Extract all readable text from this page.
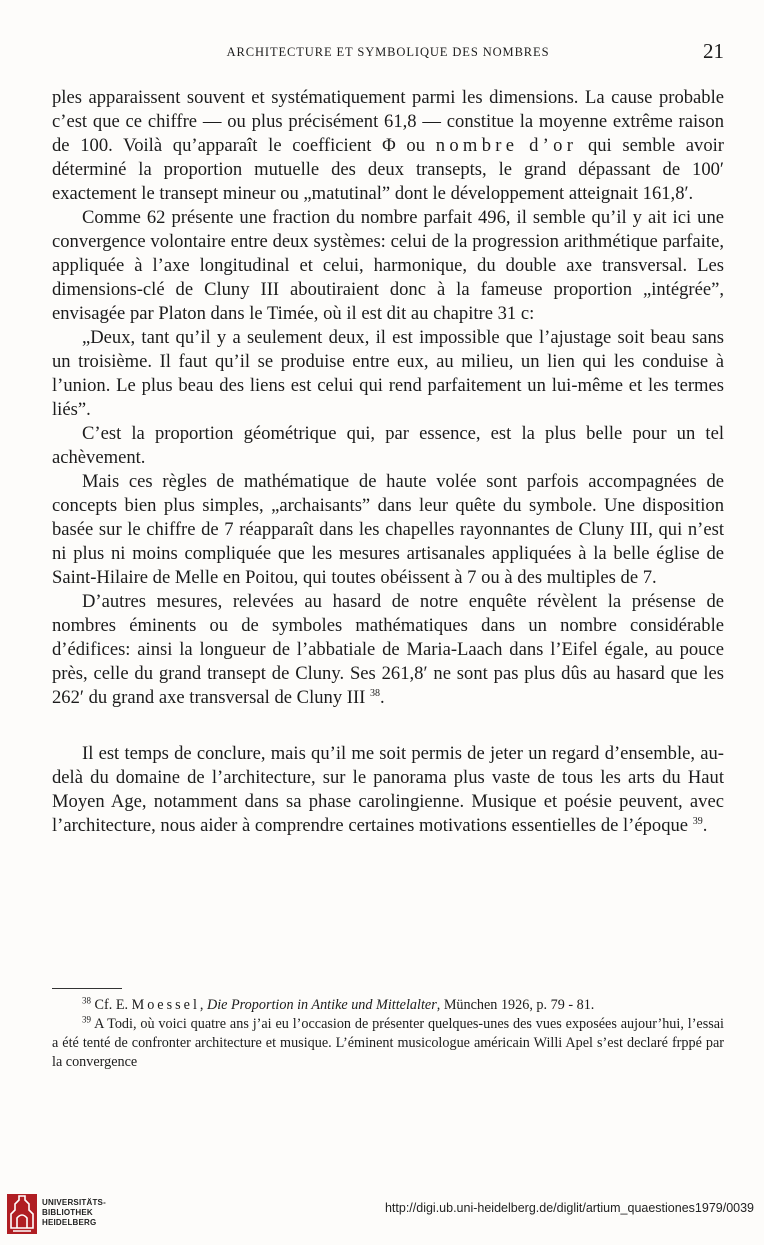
ARCHITECTURE ET SYMBOLIQUE DES NOMBRES	21

ples apparaissent souvent et systématiquement parmi les dimensions. La cause probable c’est que ce chiffre — ou plus précisément 61,8 — constitue la moyenne extrême raison de 100. Voilà qu’apparaît le coefficient Φ ou nombre d’or qui semble avoir déterminé la proportion mutuelle des deux transepts, le grand dépassant de 100′ exactement le transept mineur ou „matutinal” dont le développement atteignait 161,8′.

Comme 62 présente une fraction du nombre parfait 496, il semble qu’il y ait ici une convergence volontaire entre deux systèmes: celui de la progression arithmétique parfaite, appliquée à l’axe longitudinal et celui, harmonique, du double axe transversal. Les dimensions-clé de Cluny III aboutiraient donc à la fameuse proportion „intégrée”, envisagée par Platon dans le Timée, où il est dit au chapitre 31 c:

„Deux, tant qu’il y a seulement deux, il est impossible que l’ajustage soit beau sans un troisième. Il faut qu’il se produise entre eux, au milieu, un lien qui les conduise à l’union. Le plus beau des liens est celui qui rend parfaitement un lui-même et les termes liés”.

C’est la proportion géométrique qui, par essence, est la plus belle pour un tel achèvement.

Mais ces règles de mathématique de haute volée sont parfois accompagnées de concepts bien plus simples, „archaisants” dans leur quête du symbole. Une disposition basée sur le chiffre de 7 réapparaît dans les chapelles rayonnantes de Cluny III, qui n’est ni plus ni moins compliquée que les mesures artisanales appliquées à la belle église de Saint-Hilaire de Melle en Poitou, qui toutes obéissent à 7 ou à des multiples de 7.

D’autres mesures, relevées au hasard de notre enquête révèlent la présense de nombres éminents ou de symboles mathématiques dans un nombre considérable d’édifices: ainsi la longueur de l’abbatiale de Maria-Laach dans l’Eifel égale, au pouce près, celle du grand transept de Cluny. Ses 261,8′ ne sont pas plus dûs au hasard que les 262′ du grand axe transversal de Cluny III $^{38}$.

Il est temps de conclure, mais qu’il me soit permis de jeter un regard d’ensemble, au-delà du domaine de l’architecture, sur le panorama plus vaste de tous les arts du Haut Moyen Age, notamment dans sa phase carolingienne. Musique et poésie peuvent, avec l’architecture, nous aider à comprendre certaines motivations essentielles de l’époque $^{39}$.

$^{38}$ Cf. E. Moessel, Die Proportion in Antike und Mittelalter, München 1926, p. 79 - 81.

$^{39}$ A Todi, où voici quatre ans j’ai eu l’occasion de présenter quelques-unes des vues exposées aujour’hui, l’essai a été tenté de confronter architecture et musique. L’éminent musicologue américain Willi Apel s’est declaré frppé par la convergence

UNIVERSITÄTS-
BIBLIOTHEK
HEIDELBERG
http://digi.ub.uni-heidelberg.de/diglit/artium_quaestiones1979/0039
